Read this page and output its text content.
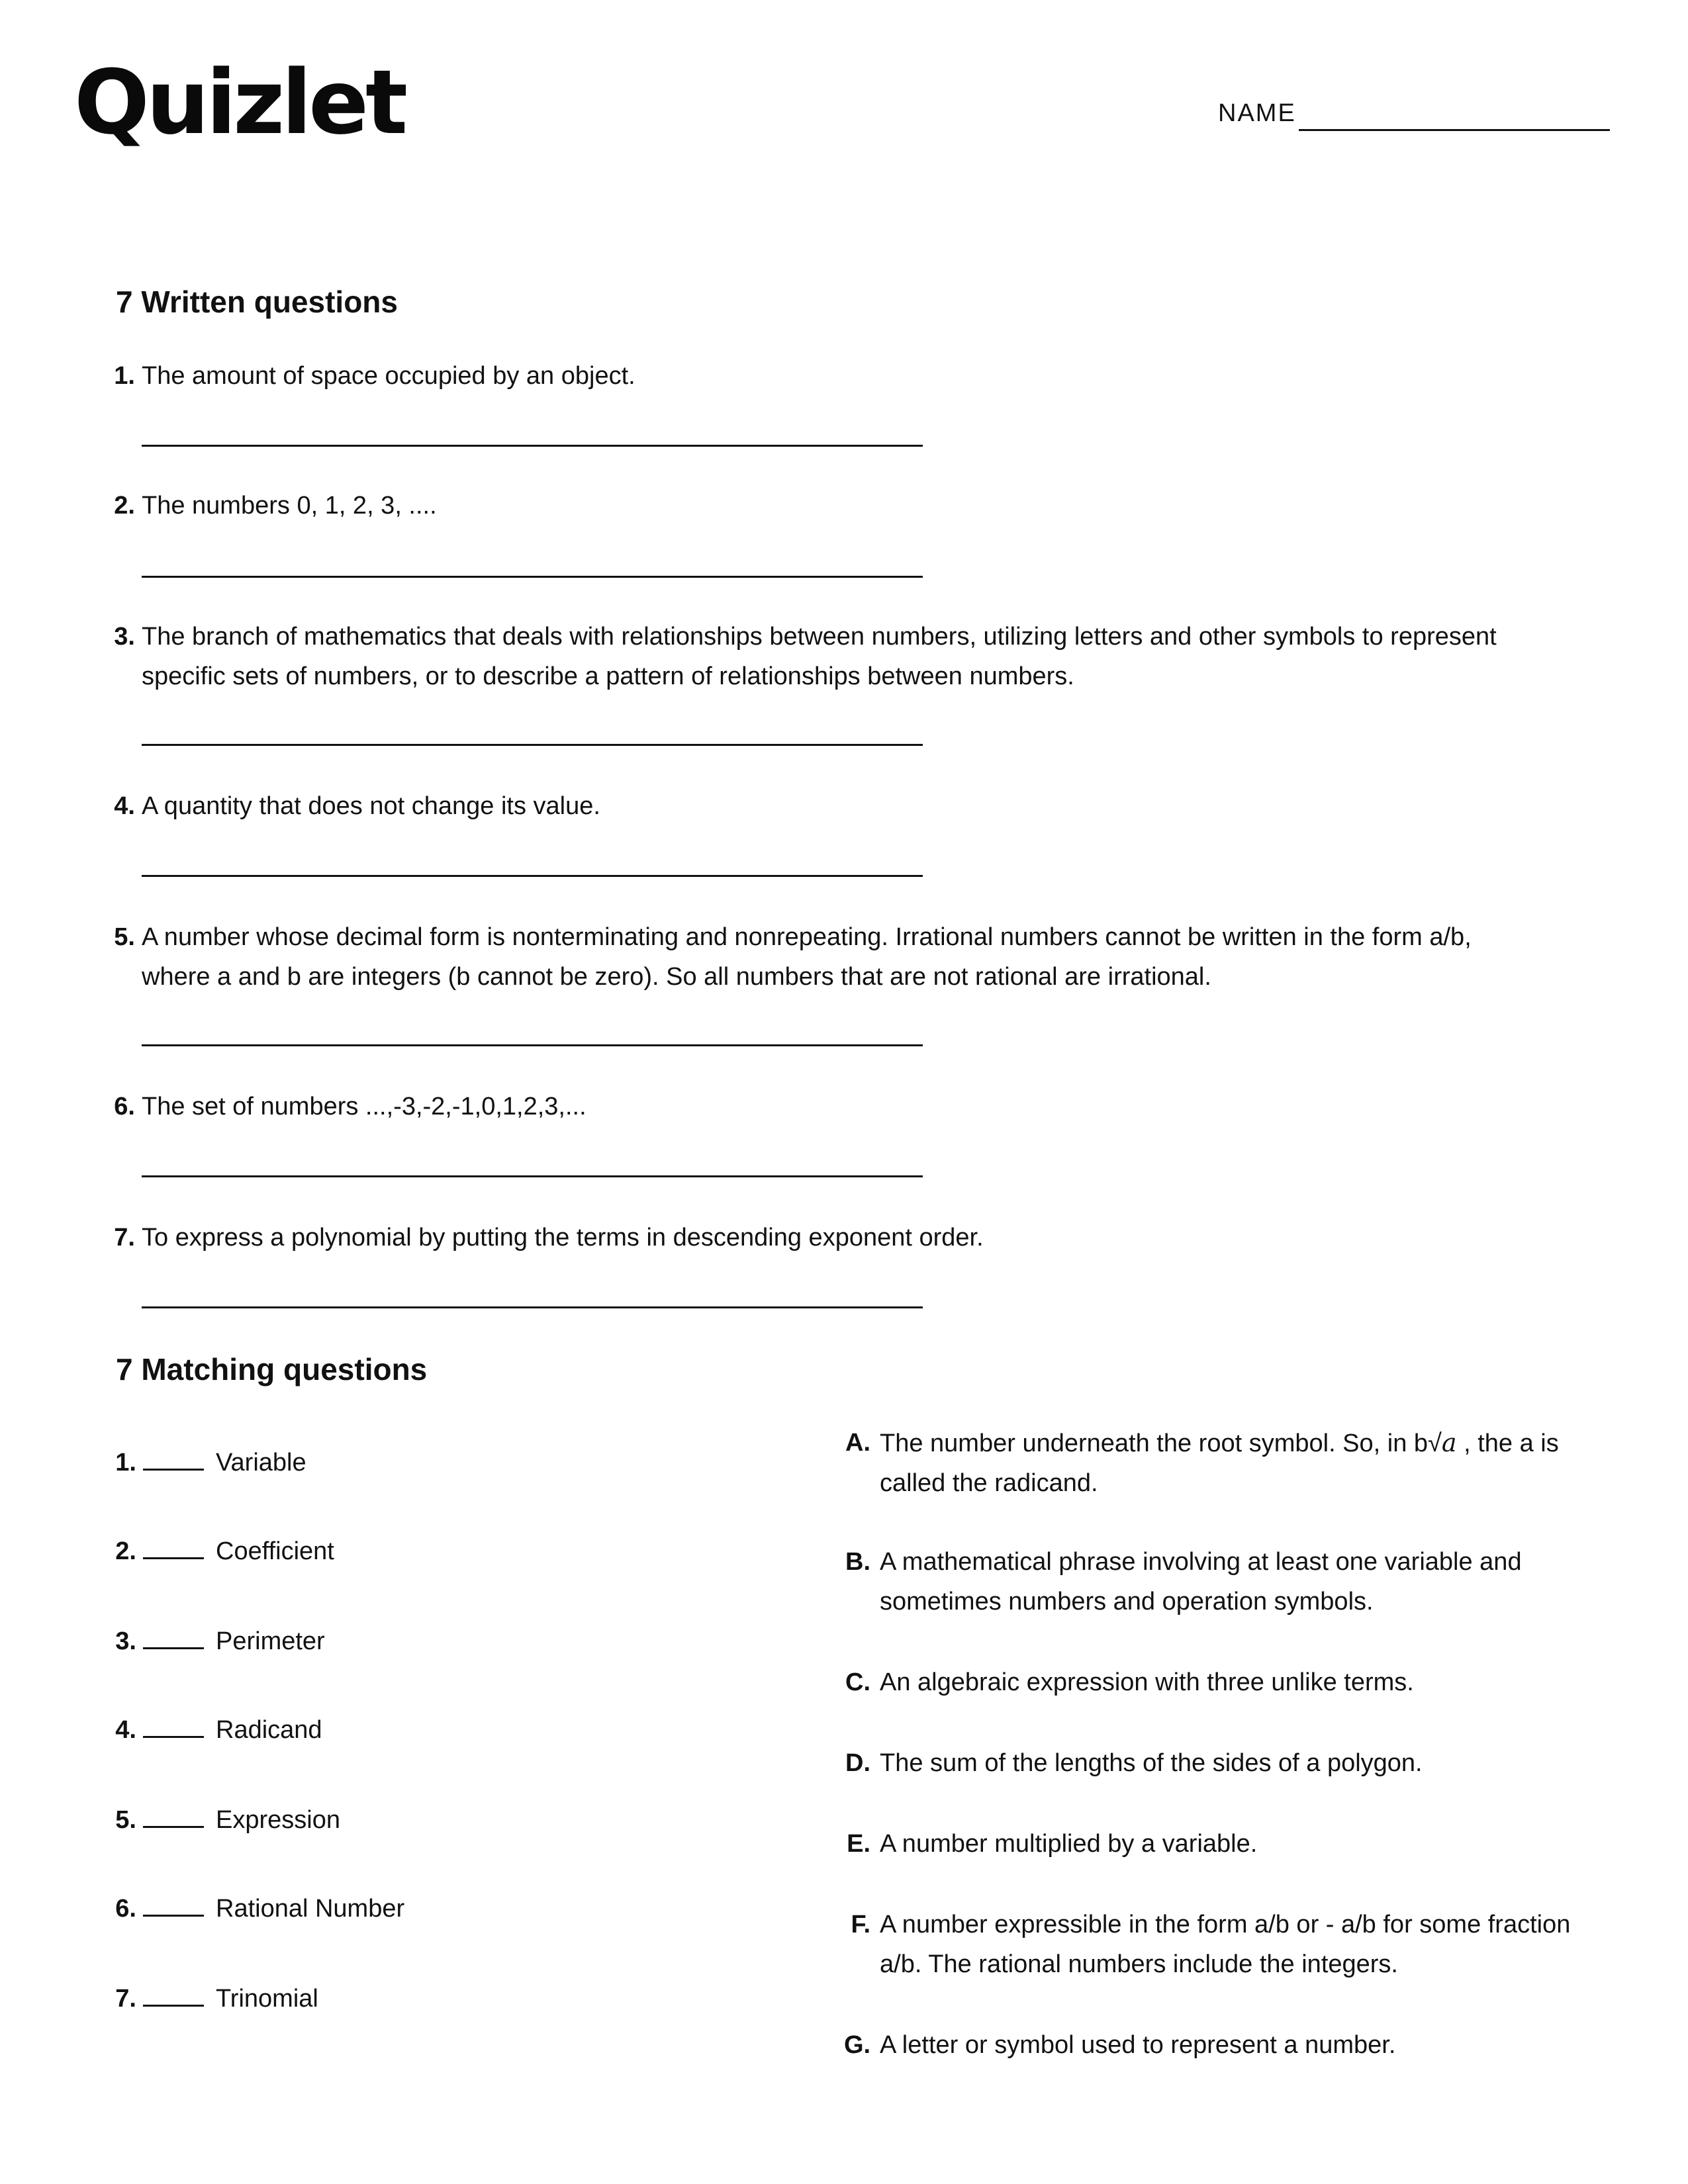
Quizlet	NAME
7 Written questions
1. The amount of space occupied by an object.
2. The numbers 0, 1, 2, 3, ....
3. The branch of mathematics that deals with relationships between numbers, utilizing letters and other symbols to represent specific sets of numbers, or to describe a pattern of relationships between numbers.
4. A quantity that does not change its value.
5. A number whose decimal form is nonterminating and nonrepeating. Irrational numbers cannot be written in the form a/b, where a and b are integers (b cannot be zero). So all numbers that are not rational are irrational.
6. The set of numbers ...,-3,-2,-1,0,1,2,3,...
7. To express a polynomial by putting the terms in descending exponent order.
7 Matching questions
1.	Variable
2.	Coefficient
3.	Perimeter
4.	Radicand
5.	Expression
6.	Rational Number
7.	Trinomial
A. The number underneath the root symbol. So, in b√a , the a is called the radicand.
B. A mathematical phrase involving at least one variable and sometimes numbers and operation symbols.
C. An algebraic expression with three unlike terms.
D. The sum of the lengths of the sides of a polygon.
E. A number multiplied by a variable.
F. A number expressible in the form a/b or - a/b for some fraction a/b. The rational numbers include the integers.
G. A letter or symbol used to represent a number.
